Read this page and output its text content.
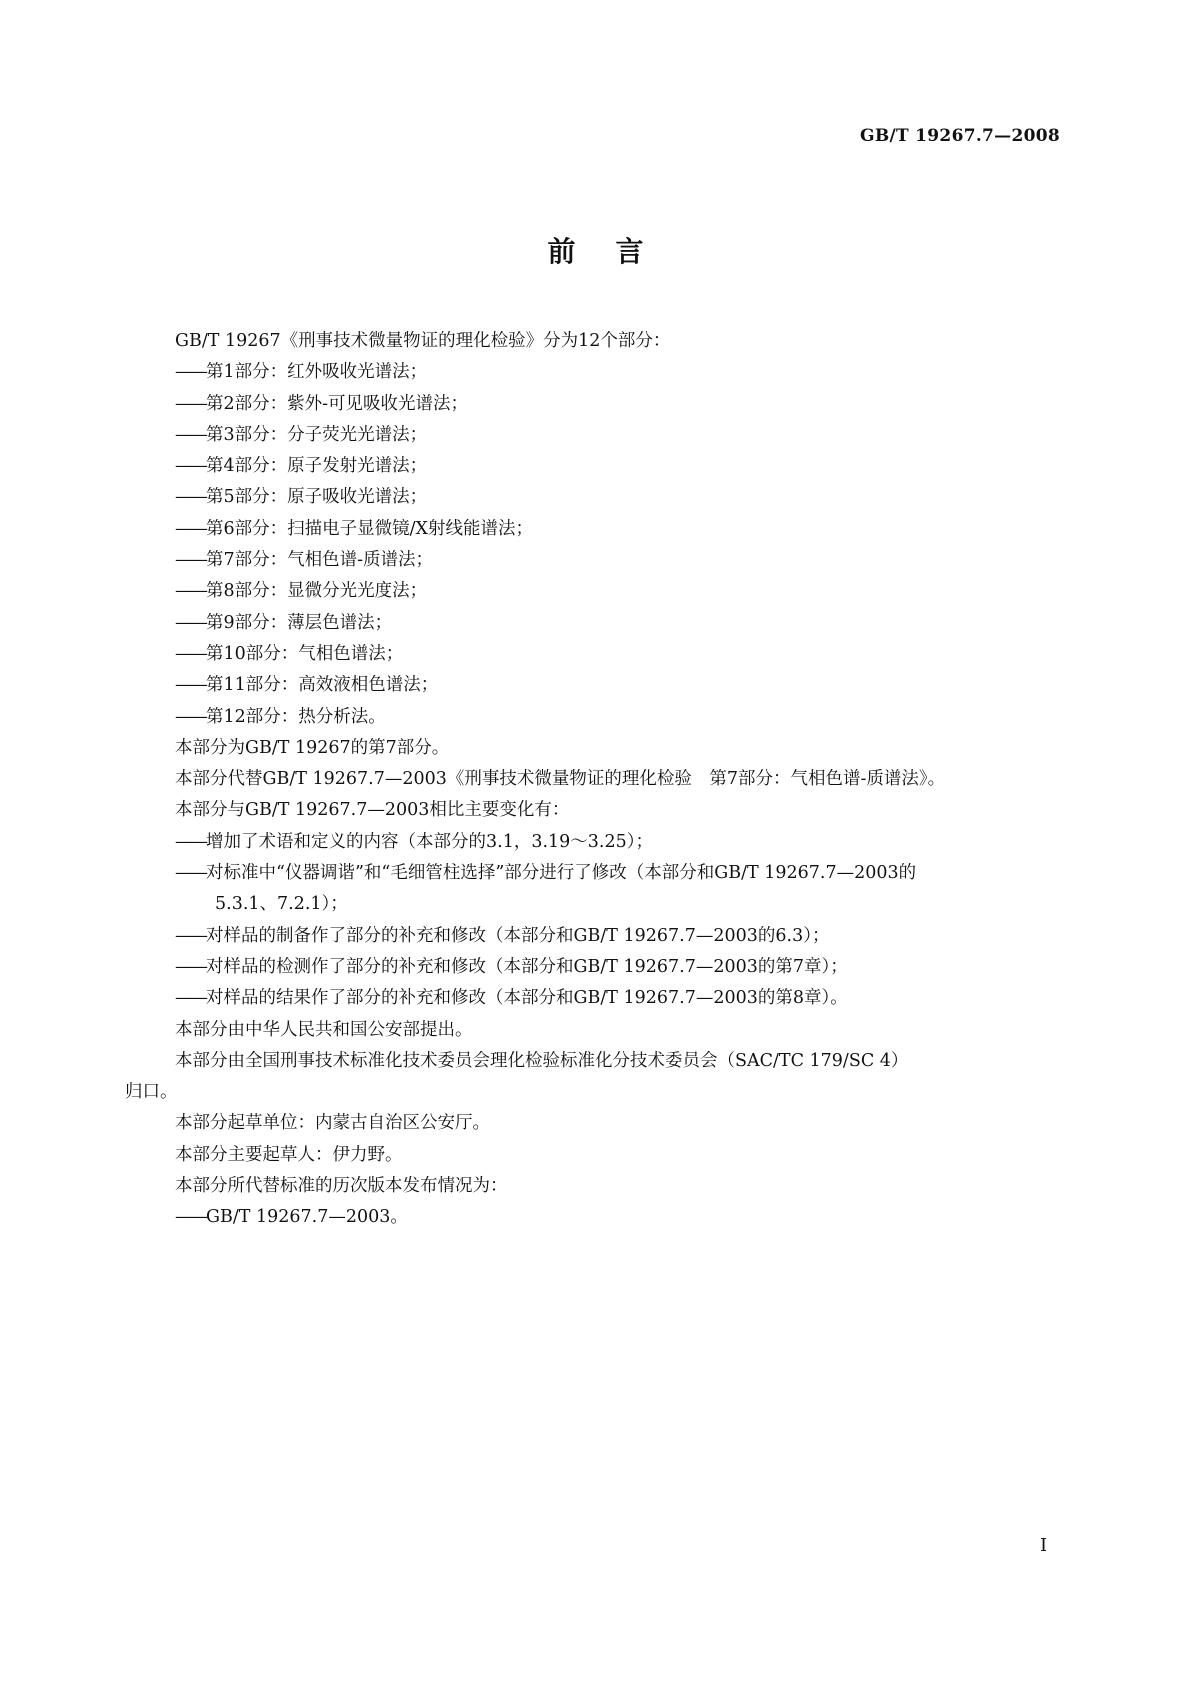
GB/T 19267.7—2008
前言
GB/T 19267《刑事技术微量物证的理化检验》分为12个部分：
——第1部分：红外吸收光谱法；
——第2部分：紫外-可见吸收光谱法；
——第3部分：分子荧光光谱法；
——第4部分：原子发射光谱法；
——第5部分：原子吸收光谱法；
——第6部分：扫描电子显微镜/X射线能谱法；
——第7部分：气相色谱-质谱法；
——第8部分：显微分光光度法；
——第9部分：薄层色谱法；
——第10部分：气相色谱法；
——第11部分：高效液相色谱法；
——第12部分：热分析法。
本部分为GB/T 19267的第7部分。
本部分代替GB/T 19267.7—2003《刑事技术微量物证的理化检验　第7部分：气相色谱-质谱法》。
本部分与GB/T 19267.7—2003相比主要变化有：
——增加了术语和定义的内容（本部分的3.1，3.19～3.25）；
——对标准中“仪器调谐”和“毛细管柱选择”部分进行了修改（本部分和GB/T 19267.7—2003的
5.3.1、7.2.1）；
——对样品的制备作了部分的补充和修改（本部分和GB/T 19267.7—2003的6.3）；
——对样品的检测作了部分的补充和修改（本部分和GB/T 19267.7—2003的第7章）；
——对样品的结果作了部分的补充和修改（本部分和GB/T 19267.7—2003的第8章）。
本部分由中华人民共和国公安部提出。
本部分由全国刑事技术标准化技术委员会理化检验标准化分技术委员会（SAC/TC 179/SC 4）
归口。
本部分起草单位：内蒙古自治区公安厅。
本部分主要起草人：伊力野。
本部分所代替标准的历次版本发布情况为：
——GB/T 19267.7—2003。
I
